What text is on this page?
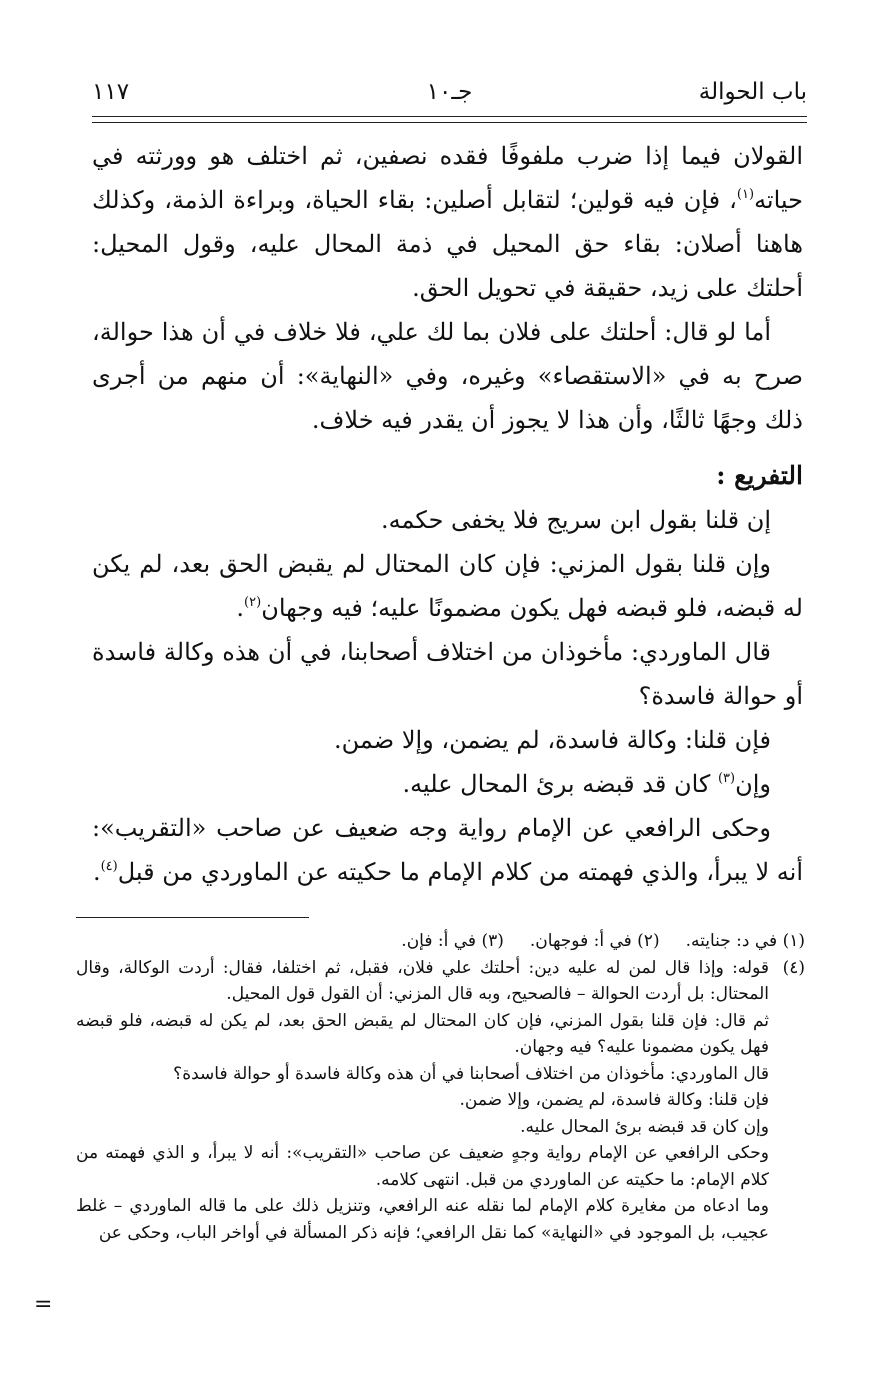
باب الحوالة
جـ١٠
١١٧

القولان فيما إذا ضرب ملفوفًا فقده نصفين، ثم اختلف هو وورثته في حياته$^{(١)}$، فإن فيه قولين؛ لتقابل أصلين: بقاء الحياة، وبراءة الذمة، وكذلك هاهنا أصلان: بقاء حق المحيل في ذمة المحال عليه، وقول المحيل: أحلتك على زيد، حقيقة في تحويل الحق.

أما لو قال: أحلتك على فلان بما لك علي، فلا خلاف في أن هذا حوالة، صرح به في «الاستقصاء» وغيره، وفي «النهاية»: أن منهم من أجرى ذلك وجهًا ثالثًا، وأن هذا لا يجوز أن يقدر فيه خلاف.

التفريع :

إن قلنا بقول ابن سريج فلا يخفى حكمه.

وإن قلنا بقول المزني: فإن كان المحتال لم يقبض الحق بعد، لم يكن له قبضه، فلو قبضه فهل يكون مضمونًا عليه؛ فيه وجهان$^{(٢)}$.

قال الماوردي: مأخوذان من اختلاف أصحابنا، في أن هذه وكالة فاسدة أو حوالة فاسدة؟

فإن قلنا: وكالة فاسدة، لم يضمن، وإلا ضمن.

وإن$^{(٣)}$ كان قد قبضه برئ المحال عليه.

وحكى الرافعي عن الإمام رواية وجه ضعيف عن صاحب «التقريب»: أنه لا يبرأ، والذي فهمته من كلام الإمام ما حكيته عن الماوردي من قبل$^{(٤)}$.

(١) في د: جنايته.
(٢) في أ: فوجهان.
(٣) في أ: فإن.

(٤)
قوله: وإذا قال لمن له عليه دين: أحلتك علي فلان، فقبل، ثم اختلفا، فقال: أردت الوكالة، وقال المحتال: بل أردت الحوالة – فالصحيح، وبه قال المزني: أن القول قول المحيل.

ثم قال: فإن قلنا بقول المزني، فإن كان المحتال لم يقبض الحق بعد، لم يكن له قبضه، فلو قبضه فهل يكون مضمونا عليه؟ فيه وجهان.

قال الماوردي: مأخوذان من اختلاف أصحابنا في أن هذه وكالة فاسدة أو حوالة فاسدة؟

فإن قلنا: وكالة فاسدة، لم يضمن، وإلا ضمن.

وإن كان قد قبضه برئ المحال عليه.

وحكى الرافعي عن الإمام رواية وجهٍ ضعيف عن صاحب «التقريب»: أنه لا يبرأ، و الذي فهمته من كلام الإمام: ما حكيته عن الماوردي من قبل. انتهى كلامه.

وما ادعاه من مغايرة كلام الإمام لما نقله عنه الرافعي، وتنزيل ذلك على ما قاله الماوردي – غلط عجيب، بل الموجود في «النهاية» كما نقل الرافعي؛ فإنه ذكر المسألة في أواخر الباب، وحكى عن

=
